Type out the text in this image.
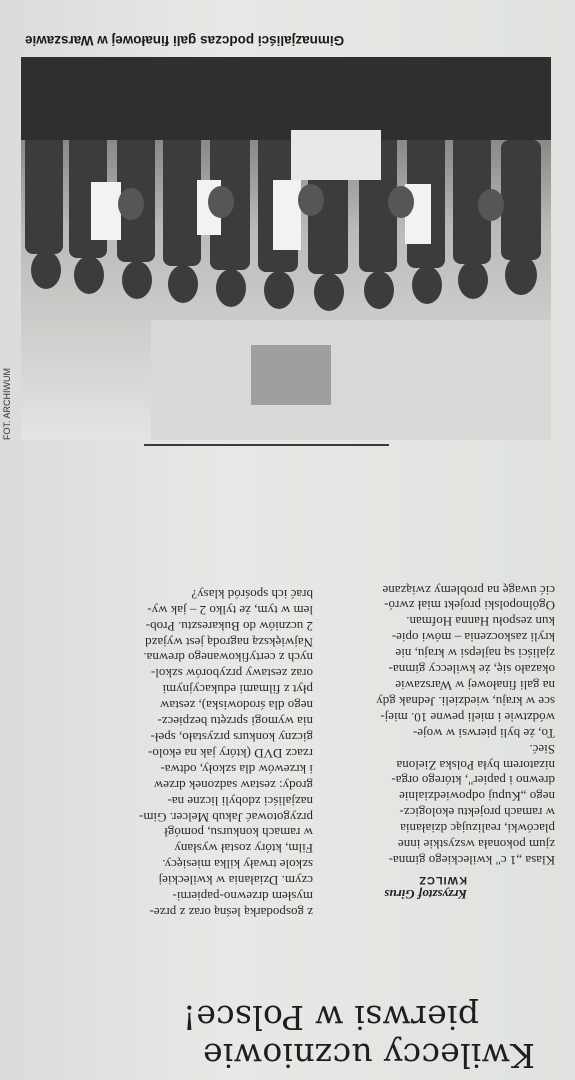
Kwileccy uczniowie
pierwsi w Polsce!
Krzysztof Girus
KWILCZ
Klasa „1 c" kwileckiego gimna-
zjum pokonała wszystkie inne
placówki, realizując działania
w ramach projektu ekologicz-
nego „Kupuj odpowiedzialnie
drewno i papier", którego orga-
nizatorem była Polska Zielona
Sieć.
To, że byli pierwsi w woje-
wództwie i mieli pewne 10. miej-
sce w kraju, wiedzieli. Jednak gdy
na gali finałowej w Warszawie
okazało się, że kwileccy gimna-
zjaliści są najlepsi w kraju, nie
kryli zaskoczenia – mówi opie-
kun zespołu Hanna Hofman.
Ogólnopolski projekt miał zwró-
cić uwagę na problemy związane
z gospodarką leśną oraz z prze-
mysłem drzewno-papierni-
czym. Działania w kwileckiej
szkole trwały kilka miesięcy.
Film, który został wysłany
w ramach konkursu, pomógł
przygotować Jakub Melcer. Gim-
nazjaliści zdobyli liczne na-
grody: zestaw sadzonek drzew
i krzewów dla szkoły, odtwa-
rzacz DVD (który jak na ekolo-
giczny konkurs przystało, speł-
nia wymogi sprzętu bezpiecz-
nego dla środowiska), zestaw
płyt z filmami edukacyjnymi
oraz zestawy przyborów szkol-
nych z certyfikowanego drewna.
Największą nagrodą jest wyjazd
2 uczniów do Bukaresztu. Prob-
lem w tym, że tylko 2 – jak wy-
brać ich spośród klasy?
Gimnazjaliści podczas gali finałowej w Warszawie
FOT. ARCHIWUM
